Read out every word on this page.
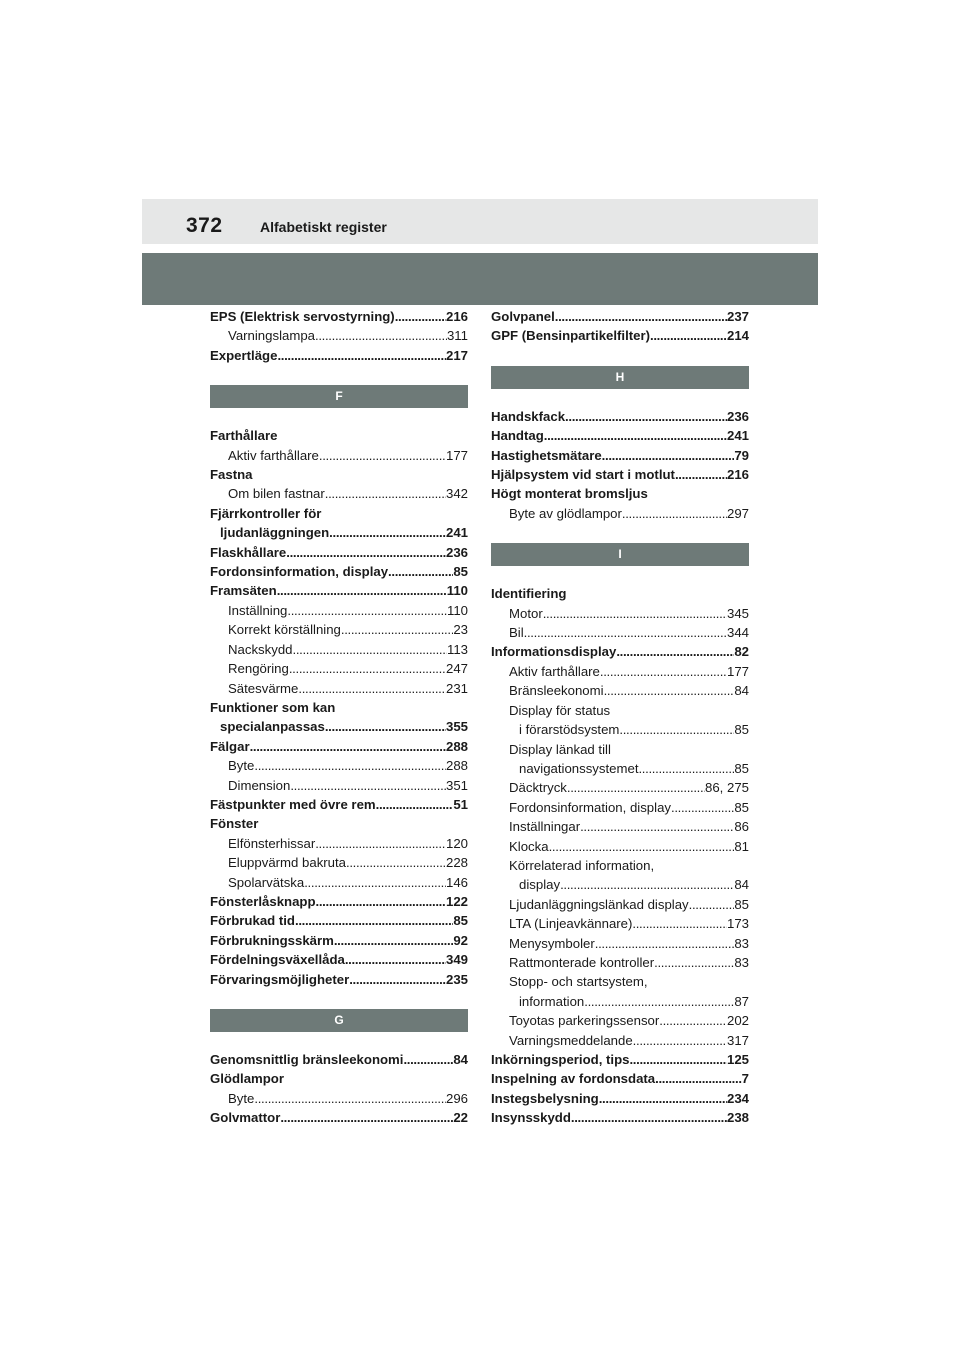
372	Alfabetiskt register
EPS (Elektrisk servostyrning) . . .	216
Varningslampa . . .	311
Expertläge . . .	217
F
Farthållare
Aktiv farthållare . . .	177
Fastna
Om bilen fastnar . . .	342
Fjärrkontroller för
ljudanläggningen . . .	241
Flaskhållare . . .	236
Fordonsinformation, display . . .	85
Framsäten . . .	110
Inställning . . .	110
Korrekt körställning . . .	23
Nackskydd . . .	113
Rengöring . . .	247
Sätesvärme . . .	231
Funktioner som kan
specialanpassas . . .	355
Fälgar . . .	288
Byte . . .	288
Dimension . . .	351
Fästpunkter med övre rem . . .	51
Fönster
Elfönsterhissar . . .	120
Eluppvärmd bakruta . . .	228
Spolarvätska . . .	146
Fönsterlåsknapp . . .	122
Förbrukad tid . . .	85
Förbrukningsskärm . . .	92
Fördelningsväxellåda . . .	349
Förvaringsmöjligheter . . .	235
G
Genomsnittlig bränsleekonomi . . .	84
Glödlampor
Byte . . .	296
Golvmattor . . .	22
Golvpanel . . .	237
GPF (Bensinpartikelfilter) . . .	214
H
Handskfack . . .	236
Handtag . . .	241
Hastighetsmätare . . .	79
Hjälpsystem vid start i motlut . . .	216
Högt monterat bromsljus
Byte av glödlampor . . .	297
I
Identifiering
Motor . . .	345
Bil . . .	344
Informationsdisplay . . .	82
Aktiv farthållare . . .	177
Bränsleekonomi . . .	84
Display för status
i förarstödsystem . . .	85
Display länkad till
navigationssystemet . . .	85
Däcktryck . . .	86, 275
Fordonsinformation, display . . .	85
Inställningar . . .	86
Klocka . . .	81
Körrelaterad information,
display . . .	84
Ljudanläggningslänkad display . . .	85
LTA (Linjeavkännare) . . .	173
Menysymboler . . .	83
Rattmonterade kontroller . . .	83
Stopp- och startsystem,
information . . .	87
Toyotas parkeringssensor . . .	202
Varningsmeddelande . . .	317
Inkörningsperiod, tips . . .	125
Inspelning av fordonsdata . . .	7
Instegsbelysning . . .	234
Insynsskydd . . .	238
